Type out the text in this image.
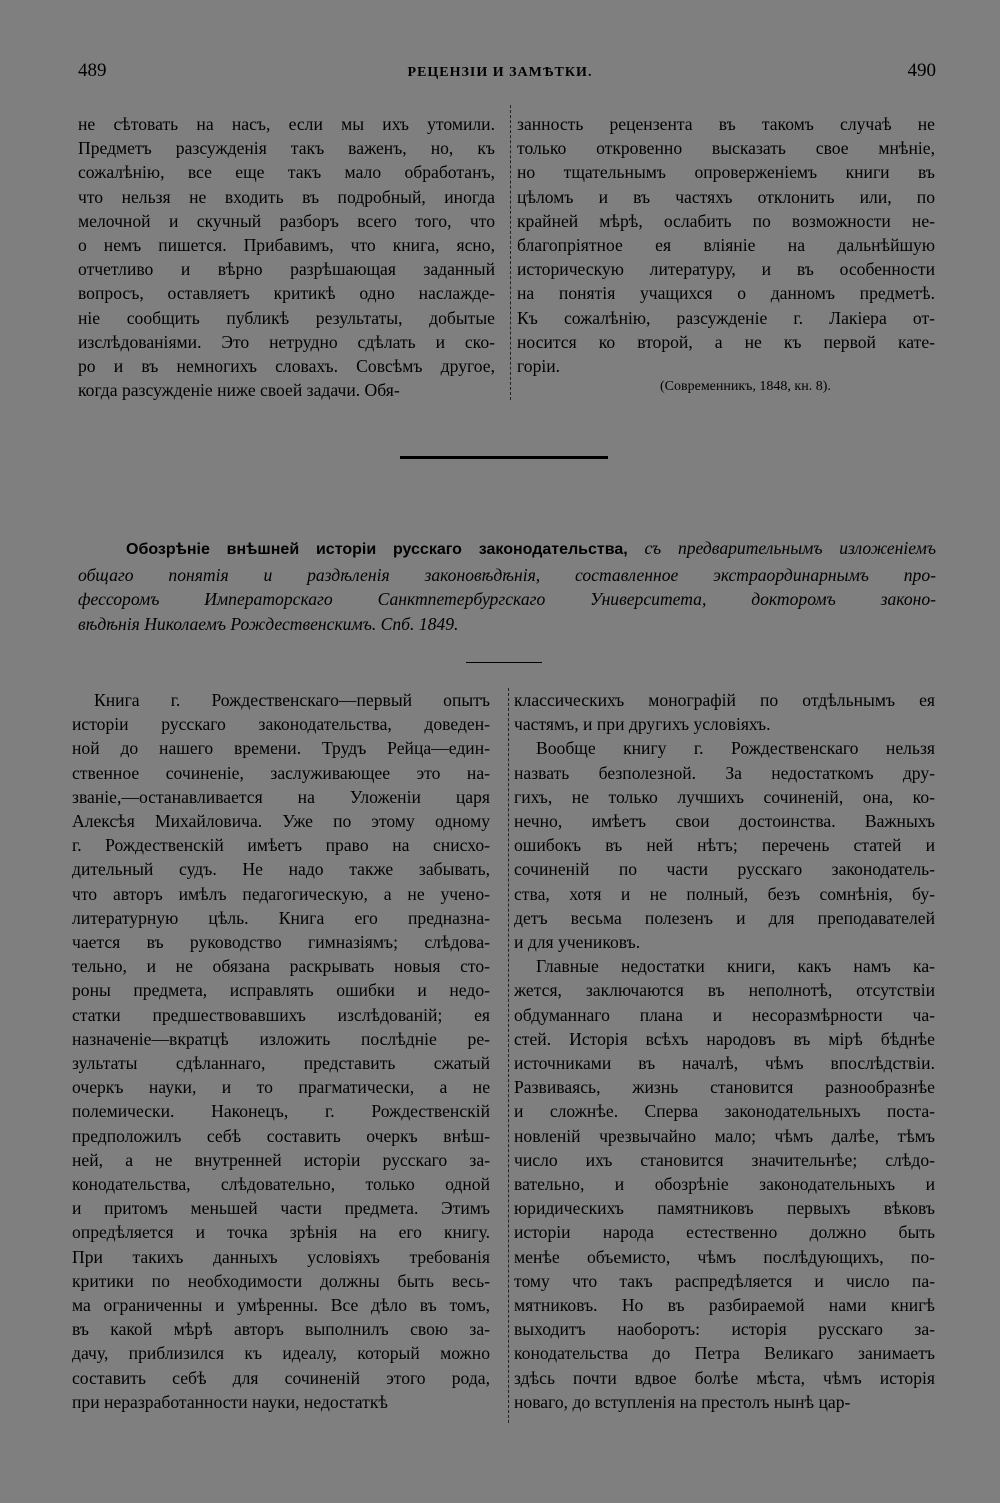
489	РЕЦЕНЗІИ И ЗАМѢТКИ.	490
не сѣтовать на насъ, если мы ихъ утомили.
Предметъ разсужденія такъ важенъ, но, къ
сожалѣнію, все еще такъ мало обработанъ,
что нельзя не входить въ подробный, иногда
мелочной и скучный разборъ всего того, что
о немъ пишется. Прибавимъ, что книга, ясно,
отчетливо и вѣрно разрѣшающая заданный
вопросъ, оставляетъ критикѣ одно наслажде-
ніе сообщить публикѣ результаты, добытые
изслѣдованіями. Это нетрудно сдѣлать и ско-
ро и въ немногихъ словахъ. Совсѣмъ другое,
когда разсужденіе ниже своей задачи. Обя-
занность рецензента въ такомъ случаѣ не
только откровенно высказать свое мнѣніе,
но тщательнымъ опроверженіемъ книги въ
цѣломъ и въ частяхъ отклонить или, по
крайней мѣрѣ, ослабить по возможности не-
благопріятное ея вліяніе на дальнѣйшую
историческую литературу, и въ особенности
на понятія учащихся о данномъ предметѣ.
Къ сожалѣнію, разсужденіе г. Лакіера от-
носится ко второй, а не къ первой кате-
горіи.
(Современникъ, 1848, кн. 8).
Обозрѣніе внѣшней исторіи русскаго законодательства, съ предварительнымъ изложеніемъ
общаго понятія и раздѣленія законовѣдѣнія, составленное экстраординарнымъ про-
фессоромъ Императорскаго Санктпетербургскаго Университета, докторомъ законо-
вѣдѣнія Николаемъ Рождественскимъ. Спб. 1849.
Книга г. Рождественскаго—первый опытъ
исторіи русскаго законодательства, доведен-
ной до нашего времени. Трудъ Рейца—един-
ственное сочиненіе, заслуживающее это на-
званіе,—останавливается на Уложеніи царя
Алексѣя Михайловича. Уже по этому одному
г. Рождественскій имѣетъ право на снисхо-
дительный судъ. Не надо также забывать,
что авторъ имѣлъ педагогическую, а не учено-
литературную цѣль. Книга его предназна-
чается въ руководство гимназіямъ; слѣдова-
тельно, и не обязана раскрывать новыя сто-
роны предмета, исправлять ошибки и недо-
статки предшествовавшихъ изслѣдованій; ея
назначеніе—вкратцѣ изложить послѣдніе ре-
зультаты сдѣланнаго, представить сжатый
очеркъ науки, и то прагматически, а не
полемически. Наконецъ, г. Рождественскій
предположилъ себѣ составить очеркъ внѣш-
ней, а не внутренней исторіи русскаго за-
конодательства, слѣдовательно, только одной
и притомъ меньшей части предмета. Этимъ
опредѣляется и точка зрѣнія на его книгу.
При такихъ данныхъ условіяхъ требованія
критики по необходимости должны быть весь-
ма ограниченны и умѣренны. Все дѣло въ томъ,
въ какой мѣрѣ авторъ выполнилъ свою за-
дачу, приблизился къ идеалу, который можно
составить себѣ для сочиненій этого рода,
при неразработанности науки, недостаткѣ
классическихъ монографій по отдѣльнымъ ея
частямъ, и при другихъ условіяхъ.
Вообще книгу г. Рождественскаго нельзя
назвать безполезной. За недостаткомъ дру-
гихъ, не только лучшихъ сочиненій, она, ко-
нечно, имѣетъ свои достоинства. Важныхъ
ошибокъ въ ней нѣтъ; перечень статей и
сочиненій по части русскаго законодатель-
ства, хотя и не полный, безъ сомнѣнія, бу-
детъ весьма полезенъ и для преподавателей
и для учениковъ.
Главные недостатки книги, какъ намъ ка-
жется, заключаются въ неполнотѣ, отсутствіи
обдуманнаго плана и несоразмѣрности ча-
стей. Исторія всѣхъ народовъ въ мірѣ бѣднѣе
источниками въ началѣ, чѣмъ впослѣдствіи.
Развиваясь, жизнь становится разнообразнѣе
и сложнѣе. Сперва законодательныхъ поста-
новленій чрезвычайно мало; чѣмъ далѣе, тѣмъ
число ихъ становится значительнѣе; слѣдо-
вательно, и обозрѣніе законодательныхъ и
юридическихъ памятниковъ первыхъ вѣковъ
исторіи народа естественно должно быть
менѣе объемисто, чѣмъ послѣдующихъ, по-
тому что такъ распредѣляется и число па-
мятниковъ. Но въ разбираемой нами книгѣ
выходитъ наоборотъ: исторія русскаго за-
конодательства до Петра Великаго занимаетъ
здѣсь почти вдвое болѣе мѣста, чѣмъ исторія
новаго, до вступленія на престолъ нынѣ цар-
